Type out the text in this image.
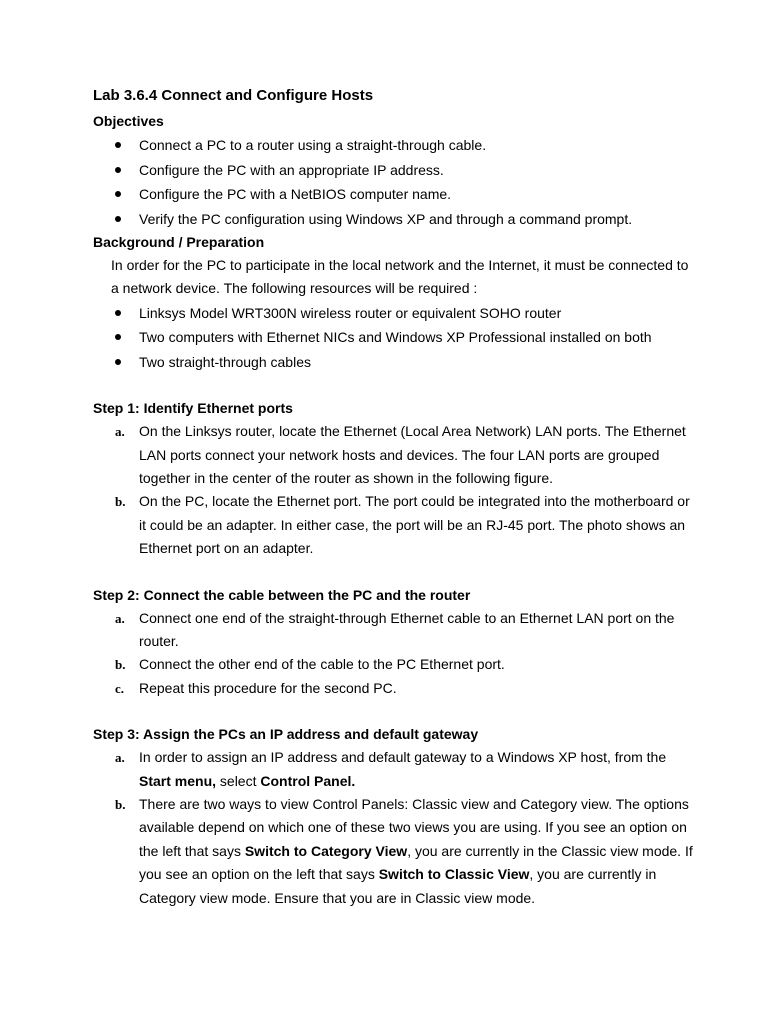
Lab 3.6.4 Connect and Configure Hosts
Objectives
Connect a PC to a router using a straight-through cable.
Configure the PC with an appropriate IP address.
Configure the PC with a NetBIOS computer name.
Verify the PC configuration using Windows XP and through a command prompt.
Background / Preparation

In order for the PC to participate in the local network and the Internet, it must be connected to a network device. The following resources will be required :

Linksys Model WRT300N wireless router or equivalent SOHO router
Two computers with Ethernet NICs and Windows XP Professional installed on both
Two straight-through cables
Step 1: Identify Ethernet ports
a. On the Linksys router, locate the Ethernet (Local Area Network) LAN ports. The Ethernet LAN ports connect your network hosts and devices. The four LAN ports are grouped together in the center of the router as shown in the following figure.
b. On the PC, locate the Ethernet port. The port could be integrated into the motherboard or it could be an adapter. In either case, the port will be an RJ-45 port. The photo shows an Ethernet port on an adapter.
Step 2: Connect the cable between the PC and the router
a. Connect one end of the straight-through Ethernet cable to an Ethernet LAN port on the router.
b. Connect the other end of the cable to the PC Ethernet port.
c. Repeat this procedure for the second PC.
Step 3: Assign the PCs an IP address and default gateway
a. In order to assign an IP address and default gateway to a Windows XP host, from the Start menu, select Control Panel.
b. There are two ways to view Control Panels: Classic view and Category view. The options available depend on which one of these two views you are using. If you see an option on the left that says Switch to Category View, you are currently in the Classic view mode. If you see an option on the left that says Switch to Classic View, you are currently in Category view mode. Ensure that you are in Classic view mode.
